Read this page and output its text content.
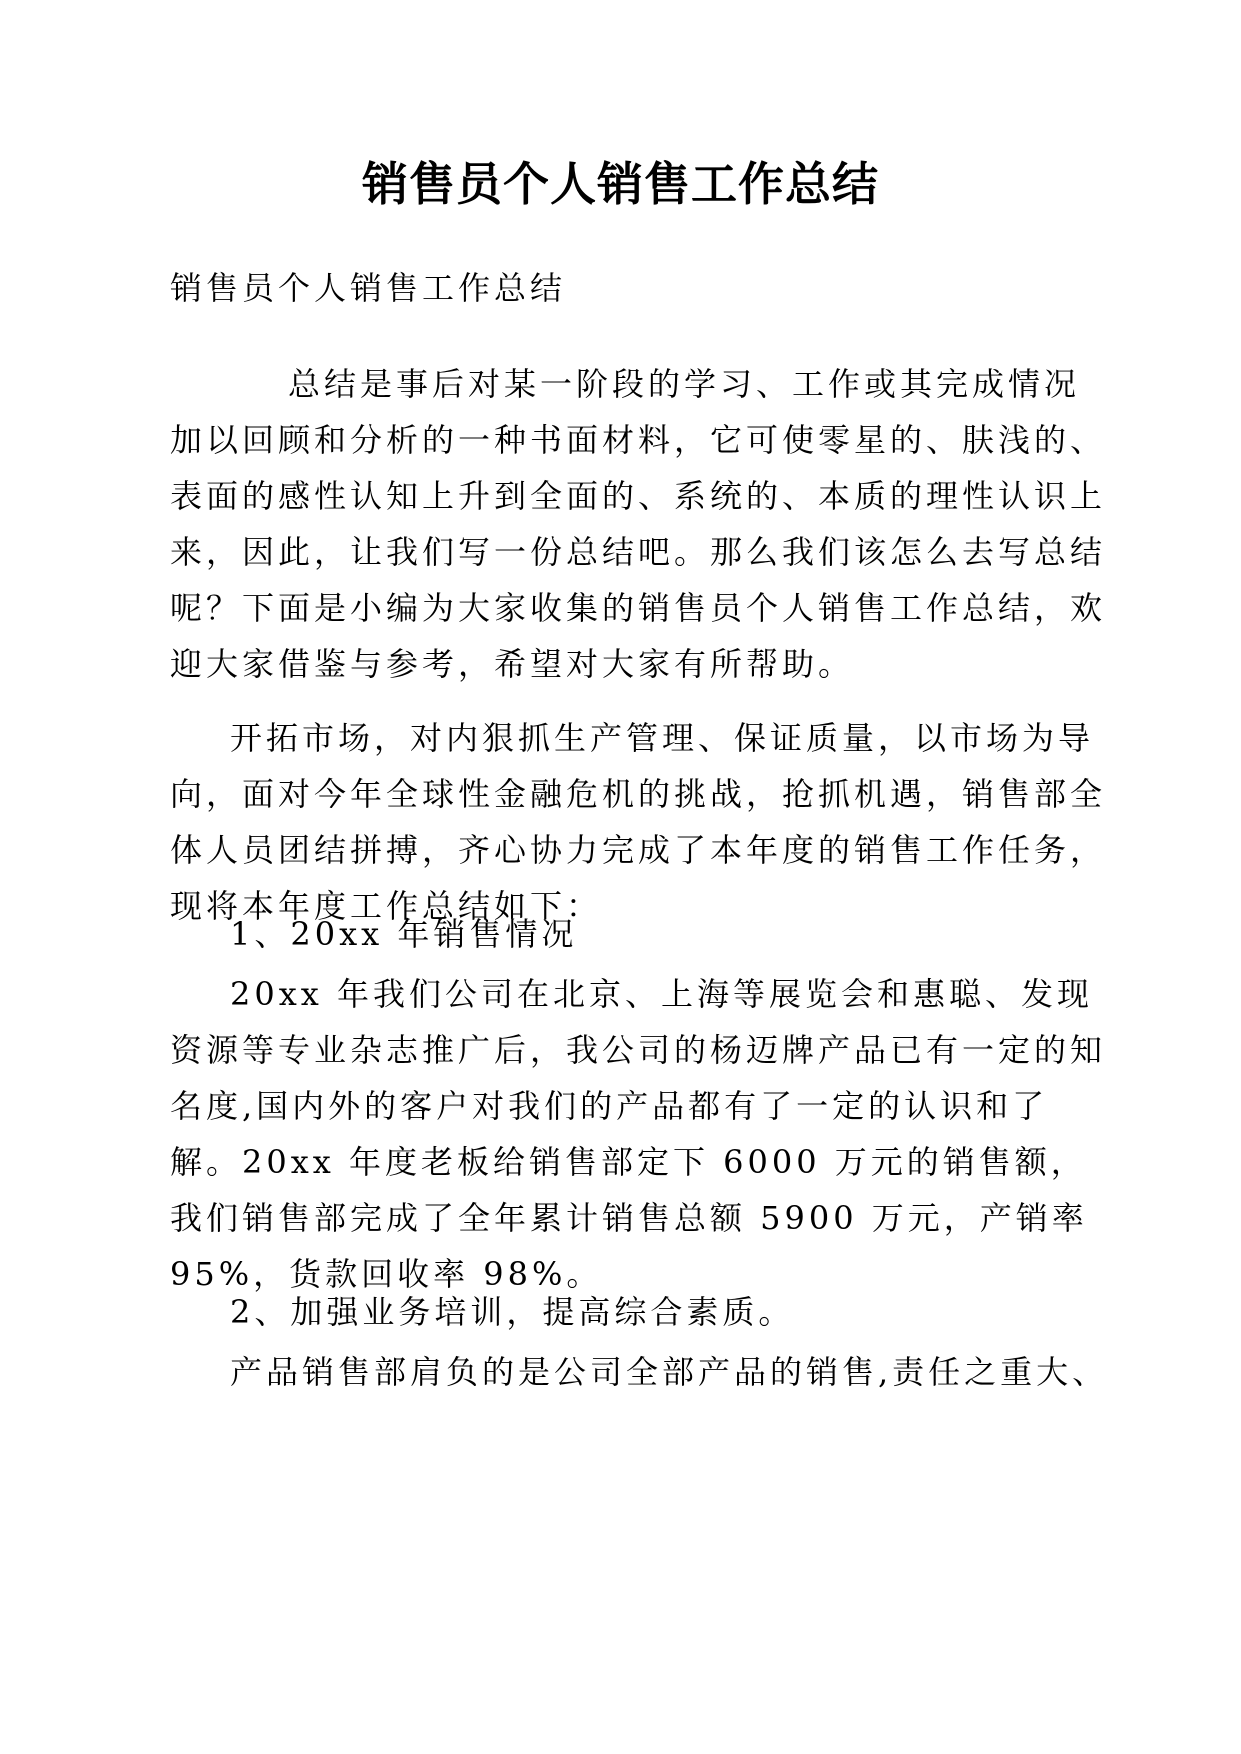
销售员个人销售工作总结

销售员个人销售工作总结

总结是事后对某一阶段的学习、工作或其完成情况加以回顾和分析的一种书面材料，它可使零星的、肤浅的、表面的感性认知上升到全面的、系统的、本质的理性认识上来，因此，让我们写一份总结吧。那么我们该怎么去写总结呢？下面是小编为大家收集的销售员个人销售工作总结，欢迎大家借鉴与参考，希望对大家有所帮助。

开拓市场，对内狠抓生产管理、保证质量，以市场为导向，面对今年全球性金融危机的挑战，抢抓机遇，销售部全体人员团结拼搏，齐心协力完成了本年度的销售工作任务，现将本年度工作总结如下：

1、20xx 年销售情况

20xx 年我们公司在北京、上海等展览会和惠聪、发现资源等专业杂志推广后，我公司的杨迈牌产品已有一定的知名度,国内外的客户对我们的产品都有了一定的认识和了解。20xx 年度老板给销售部定下 6000 万元的销售额，我们销售部完成了全年累计销售总额 5900 万元，产销率 95%，货款回收率 98%。

2、加强业务培训，提高综合素质。

产品销售部肩负的是公司全部产品的销售,责任之重大、
